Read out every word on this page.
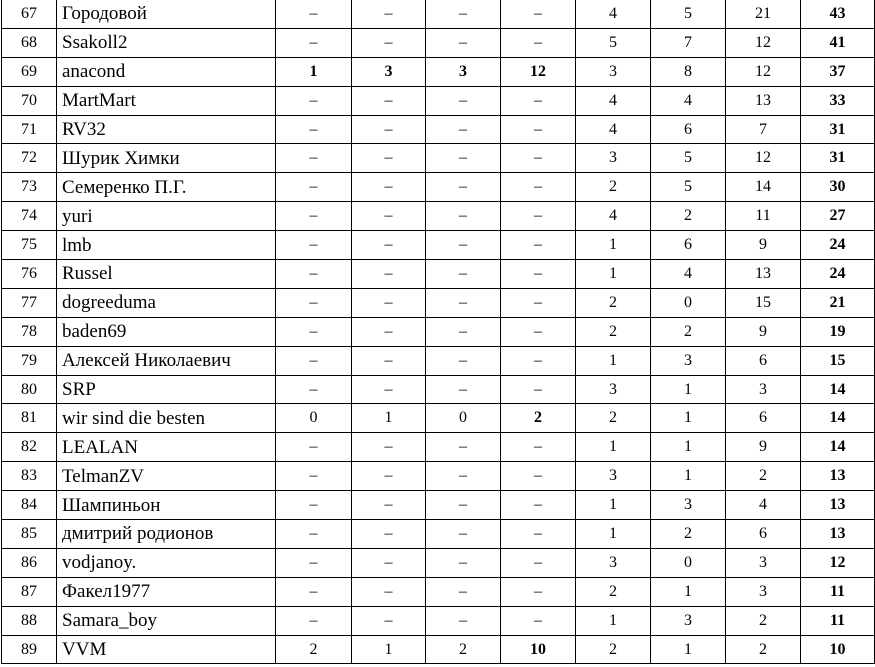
67	Городовой	–	–	–	–	4	5	21	43
68	Ssakoll2	–	–	–	–	5	7	12	41
69	anacond	1	3	3	12	3	8	12	37
70	MartMart	–	–	–	–	4	4	13	33
71	RV32	–	–	–	–	4	6	7	31
72	Шурик Химки	–	–	–	–	3	5	12	31
73	Семеренко П.Г.	–	–	–	–	2	5	14	30
74	yuri	–	–	–	–	4	2	11	27
75	lmb	–	–	–	–	1	6	9	24
76	Russel	–	–	–	–	1	4	13	24
77	dogreeduma	–	–	–	–	2	0	15	21
78	baden69	–	–	–	–	2	2	9	19
79	Алексей Николаевич	–	–	–	–	1	3	6	15
80	SRP	–	–	–	–	3	1	3	14
81	wir sind die besten	0	1	0	2	2	1	6	14
82	LEALAN	–	–	–	–	1	1	9	14
83	TelmanZV	–	–	–	–	3	1	2	13
84	Шампиньон	–	–	–	–	1	3	4	13
85	дмитрий родионов	–	–	–	–	1	2	6	13
86	vodjanoy.	–	–	–	–	3	0	3	12
87	Факел1977	–	–	–	–	2	1	3	11
88	Samara_boy	–	–	–	–	1	3	2	11
89	VVM	2	1	2	10	2	1	2	10
